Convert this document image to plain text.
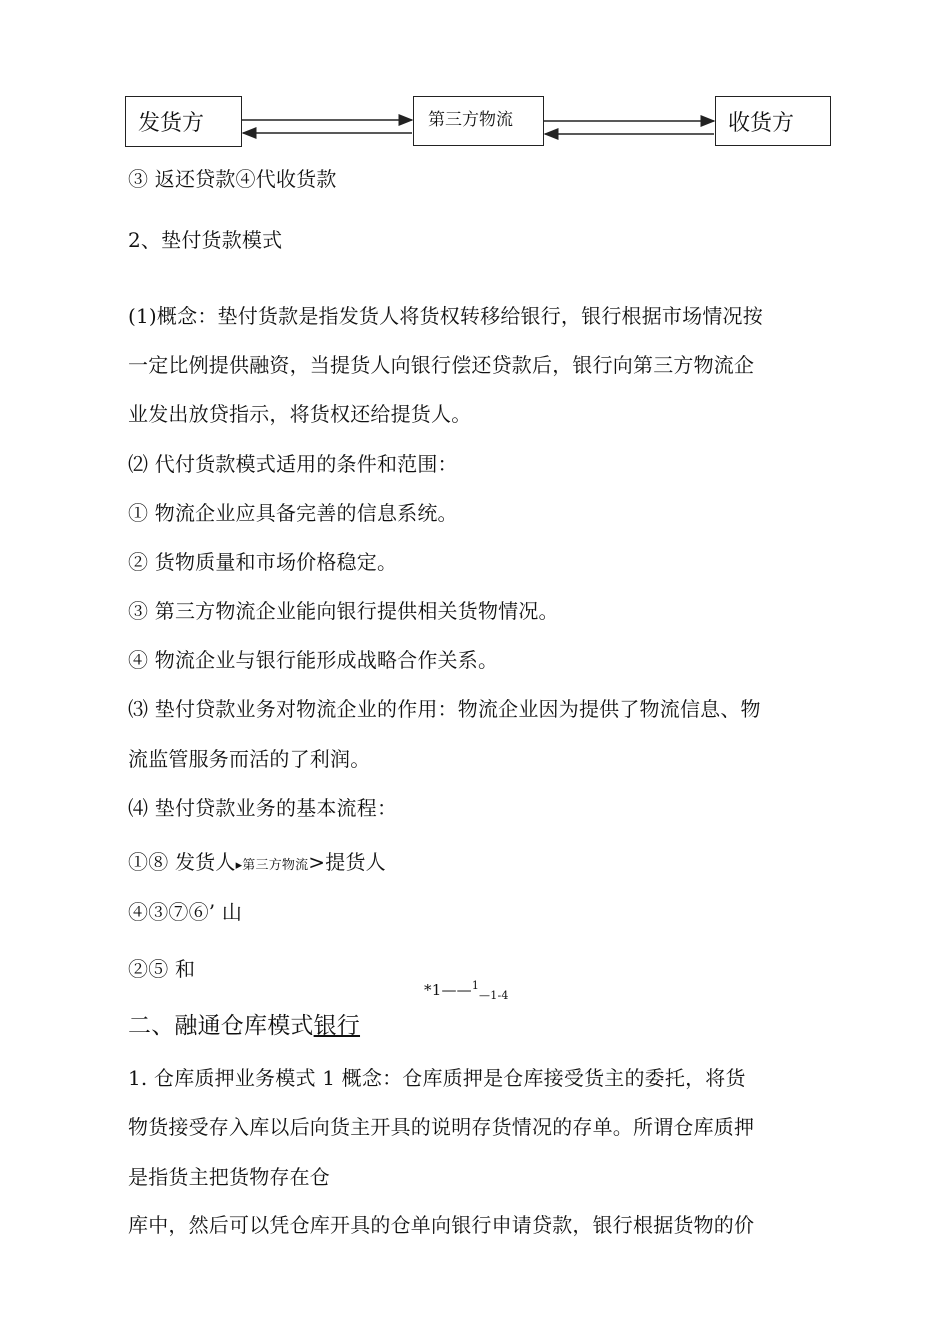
发货方	第三方物流	收货方
③ 返还贷款④代收货款
2、垫付货款模式
(1)概念：垫付货款是指发货人将货权转移给银行，银行根据市场情况按
一定比例提供融资，当提货人向银行偿还贷款后，银行向第三方物流企
业发出放贷指示，将货权还给提货人。
⑵ 代付货款模式适用的条件和范围：
① 物流企业应具备完善的信息系统。
② 货物质量和市场价格稳定。
③ 第三方物流企业能向银行提供相关货物情况。
④ 物流企业与银行能形成战略合作关系。
⑶ 垫付贷款业务对物流企业的作用：物流企业因为提供了物流信息、物
流监管服务而活的了利润。
⑷ 垫付贷款业务的基本流程：
①⑧ 发货人▸第三方物流>提货人
④③⑦⑥’ 山
②⑤ 和
*1——$^1_{—1-4}$
二、融通仓库模式银行
1. 仓库质押业务模式 1 概念：仓库质押是仓库接受货主的委托，将货
物货接受存入库以后向货主开具的说明存货情况的存单。所谓仓库质押
是指货主把货物存在仓
库中，然后可以凭仓库开具的仓单向银行申请贷款，银行根据货物的价
